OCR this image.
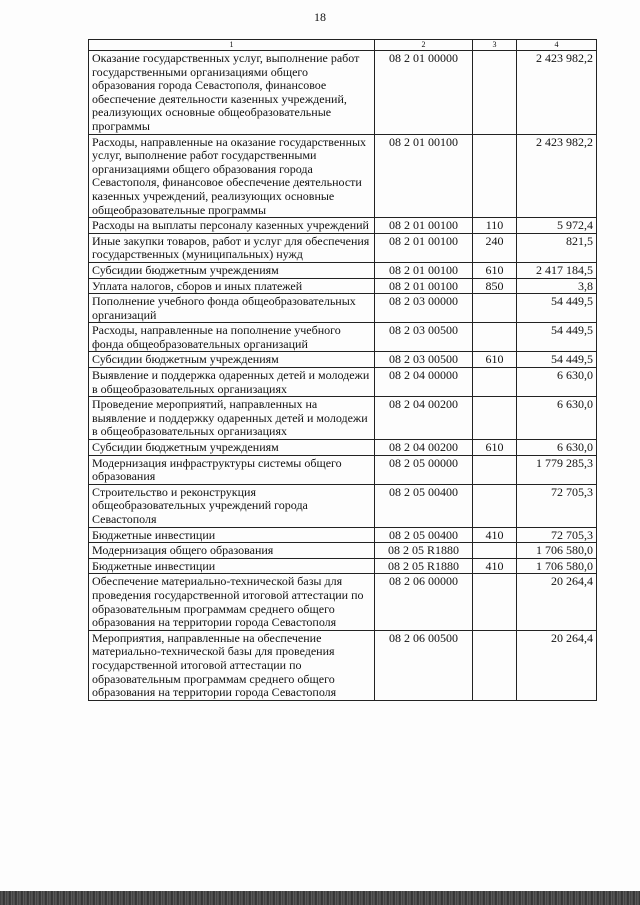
18
1	2	3	4
Оказание государственных услуг, выполнение работ государственными организациями общего образования города Севастополя, финансовое обеспечение деятельности казенных учреждений, реализующих основные общеобразовательные программы	08 2 01 00000		2 423 982,2
Расходы, направленные на оказание государственных услуг, выполнение работ государственными организациями общего образования города Севастополя, финансовое обеспечение деятельности казенных учреждений, реализующих основные общеобразовательные программы	08 2 01 00100		2 423 982,2
Расходы на выплаты персоналу казенных учреждений	08 2 01 00100	110	5 972,4
Иные закупки товаров, работ и услуг для обеспечения государственных (муниципальных) нужд	08 2 01 00100	240	821,5
Субсидии бюджетным учреждениям	08 2 01 00100	610	2 417 184,5
Уплата налогов, сборов и иных платежей	08 2 01 00100	850	3,8
Пополнение учебного фонда общеобразовательных организаций	08 2 03 00000		54 449,5
Расходы, направленные на пополнение учебного фонда общеобразовательных организаций	08 2 03 00500		54 449,5
Субсидии бюджетным учреждениям	08 2 03 00500	610	54 449,5
Выявление и поддержка одаренных детей и молодежи в общеобразовательных организациях	08 2 04 00000		6 630,0
Проведение мероприятий, направленных на выявление и поддержку одаренных детей и молодежи в общеобразовательных организациях	08 2 04 00200		6 630,0
Субсидии бюджетным учреждениям	08 2 04 00200	610	6 630,0
Модернизация инфраструктуры системы общего образования	08 2 05 00000		1 779 285,3
Строительство и реконструкция общеобразовательных учреждений города Севастополя	08 2 05 00400		72 705,3
Бюджетные инвестиции	08 2 05 00400	410	72 705,3
Модернизация общего образования	08 2 05 R1880		1 706 580,0
Бюджетные инвестиции	08 2 05 R1880	410	1 706 580,0
Обеспечение материально-технической базы для проведения государственной итоговой аттестации по образовательным программам среднего общего образования на территории города Севастополя	08 2 06 00000		20 264,4
Мероприятия, направленные на обеспечение материально-технической базы для проведения государственной итоговой аттестации по образовательным программам среднего общего образования на территории города Севастополя	08 2 06 00500		20 264,4
